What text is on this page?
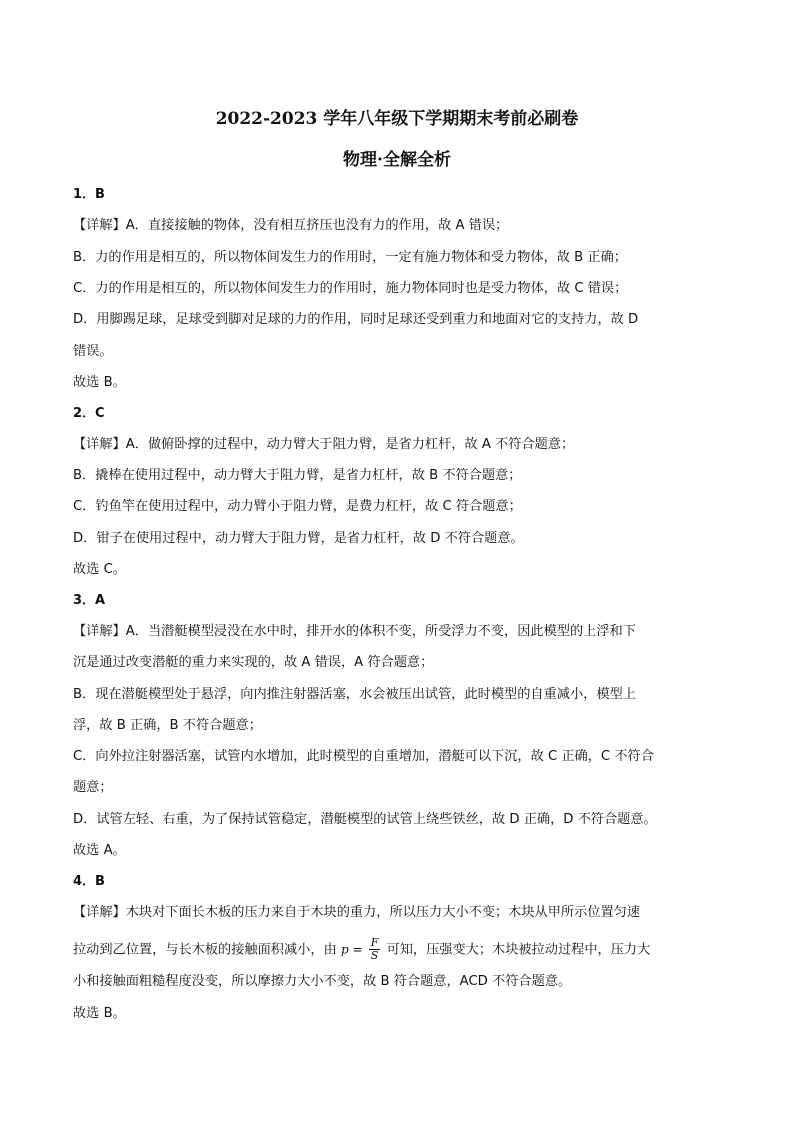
2022-2023 学年八年级下学期期末考前必刷卷
物理·全解全析
1．B
【详解】A．直接接触的物体，没有相互挤压也没有力的作用，故 A 错误；
B．力的作用是相互的，所以物体间发生力的作用时，一定有施力物体和受力物体，故 B 正确；
C．力的作用是相互的，所以物体间发生力的作用时，施力物体同时也是受力物体，故 C 错误；
D．用脚踢足球，足球受到脚对足球的力的作用，同时足球还受到重力和地面对它的支持力，故 D
错误。
故选 B。
2．C
【详解】A．做俯卧撑的过程中，动力臂大于阻力臂，是省力杠杆，故 A 不符合题意；
B．撬棒在使用过程中，动力臂大于阻力臂，是省力杠杆，故 B 不符合题意；
C．钓鱼竿在使用过程中，动力臂小于阻力臂，是费力杠杆，故 C 符合题意；
D．钳子在使用过程中，动力臂大于阻力臂，是省力杠杆，故 D 不符合题意。
故选 C。
3．A
【详解】A．当潜艇模型浸没在水中时，排开水的体积不变，所受浮力不变，因此模型的上浮和下
沉是通过改变潜艇的重力来实现的，故 A 错误，A 符合题意；
B．现在潜艇模型处于悬浮，向内推注射器活塞，水会被压出试管，此时模型的自重减小，模型上
浮，故 B 正确，B 不符合题意；
C．向外拉注射器活塞，试管内水增加，此时模型的自重增加，潜艇可以下沉，故 C 正确，C 不符合
题意；
D．试管左轻、右重，为了保持试管稳定，潜艇模型的试管上绕些铁丝，故 D 正确，D 不符合题意。
故选 A。
4．B
【详解】木块对下面长木板的压力来自于木块的重力，所以压力大小不变；木块从甲所示位置匀速
拉动到乙位置，与长木板的接触面积减小，由 $p = \frac{F}{S}$ 可知，压强变大；木块被拉动过程中，压力大
小和接触面粗糙程度没变，所以摩擦力大小不变，故 B 符合题意，ACD 不符合题意。
故选 B。
